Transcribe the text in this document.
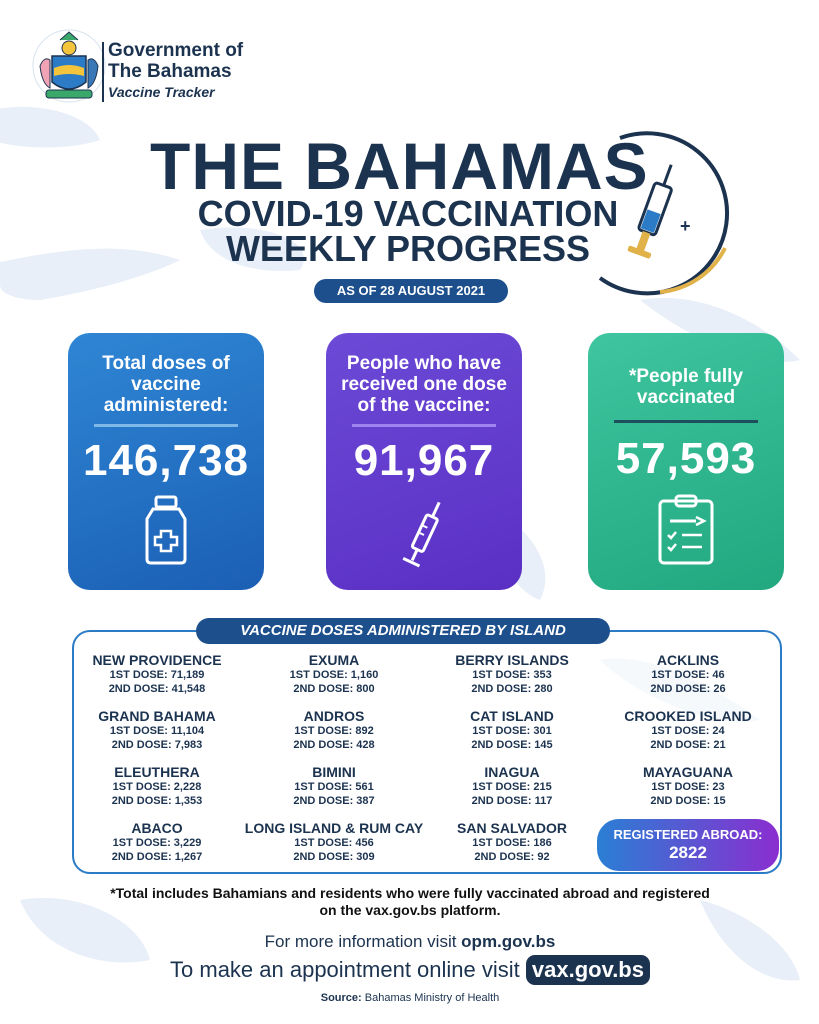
Government of
The Bahamas
Vaccine Tracker
THE BAHAMAS
COVID-19 VACCINATION
WEEKLY PROGRESS
+
AS OF 28 AUGUST 2021
Total doses of vaccine administered:
146,738
People who have received one dose of the vaccine:
91,967
*People fully vaccinated
57,593
VACCINE DOSES ADMINISTERED BY ISLAND
NEW PROVIDENCE
1ST DOSE: 71,189
2ND DOSE: 41,548
EXUMA
1ST DOSE: 1,160
2ND DOSE: 800
BERRY ISLANDS
1ST DOSE: 353
2ND DOSE: 280
ACKLINS
1ST DOSE: 46
2ND DOSE: 26
GRAND BAHAMA
1ST DOSE: 11,104
2ND DOSE: 7,983
ANDROS
1ST DOSE: 892
2ND DOSE: 428
CAT ISLAND
1ST DOSE: 301
2ND DOSE: 145
CROOKED ISLAND
1ST DOSE: 24
2ND DOSE: 21
ELEUTHERA
1ST DOSE: 2,228
2ND DOSE: 1,353
BIMINI
1ST DOSE: 561
2ND DOSE: 387
INAGUA
1ST DOSE: 215
2ND DOSE: 117
MAYAGUANA
1ST DOSE: 23
2ND DOSE: 15
ABACO
1ST DOSE: 3,229
2ND DOSE: 1,267
LONG ISLAND & RUM CAY
1ST DOSE: 456
2ND DOSE: 309
SAN SALVADOR
1ST DOSE: 186
2ND DOSE: 92
REGISTERED ABROAD:
2822
*Total includes Bahamians and residents who were fully vaccinated abroad and registered on the vax.gov.bs platform.
For more information visit opm.gov.bs
To make an appointment online visit vax.gov.bs
Source: Bahamas Ministry of Health
